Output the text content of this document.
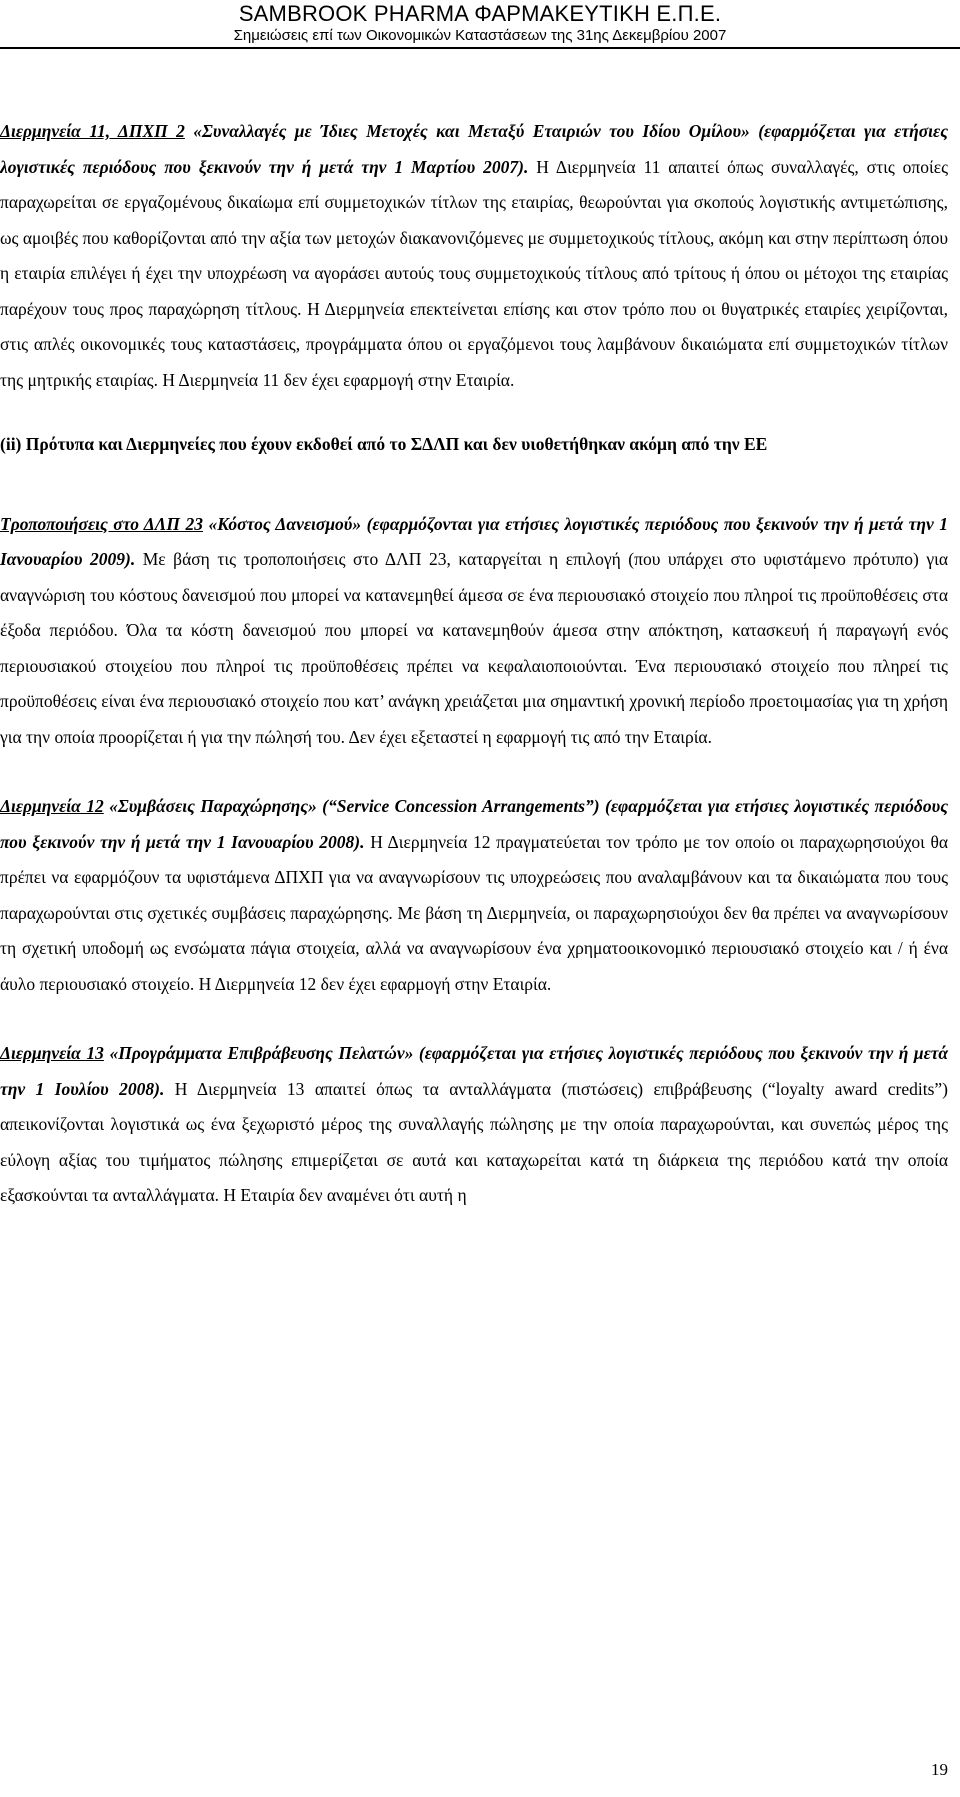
SAMBROOK PHARMA ΦΑΡΜΑΚΕΥΤΙΚΗ Ε.Π.Ε.
Σημειώσεις επί των Οικονομικών Καταστάσεων της 31ης Δεκεμβρίου 2007

Διερμηνεία 11, ΔΠΧΠ 2 «Συναλλαγές με Ίδιες Μετοχές και Μεταξύ Εταιριών του Ιδίου Ομίλου» (εφαρμόζεται για ετήσιες λογιστικές περιόδους που ξεκινούν την ή μετά την 1 Μαρτίου 2007). Η Διερμηνεία 11 απαιτεί όπως συναλλαγές, στις οποίες παραχωρείται σε εργαζομένους δικαίωμα επί συμμετοχικών τίτλων της εταιρίας, θεωρούνται για σκοπούς λογιστικής αντιμετώπισης, ως αμοιβές που καθορίζονται από την αξία των μετοχών διακανονιζόμενες με συμμετοχικούς τίτλους, ακόμη και στην περίπτωση όπου η εταιρία επιλέγει ή έχει την υποχρέωση να αγοράσει αυτούς τους συμμετοχικούς τίτλους από τρίτους ή όπου οι μέτοχοι της εταιρίας παρέχουν τους προς παραχώρηση τίτλους. Η Διερμηνεία επεκτείνεται επίσης και στον τρόπο που οι θυγατρικές εταιρίες χειρίζονται, στις απλές οικονομικές τους καταστάσεις, προγράμματα όπου οι εργαζόμενοι τους λαμβάνουν δικαιώματα επί συμμετοχικών τίτλων της μητρικής εταιρίας. Η Διερμηνεία 11 δεν έχει εφαρμογή στην Εταιρία.

(ii) Πρότυπα και Διερμηνείες που έχουν εκδοθεί από το ΣΔΛΠ και δεν υιοθετήθηκαν ακόμη από την ΕΕ

Τροποποιήσεις στο ΔΛΠ 23 «Κόστος Δανεισμού» (εφαρμόζονται για ετήσιες λογιστικές περιόδους που ξεκινούν την ή μετά την 1 Ιανουαρίου 2009). Με βάση τις τροποποιήσεις στο ΔΛΠ 23, καταργείται η επιλογή (που υπάρχει στο υφιστάμενο πρότυπο) για αναγνώριση του κόστους δανεισμού που μπορεί να κατανεμηθεί άμεσα σε ένα περιουσιακό στοιχείο που πληροί τις προϋποθέσεις στα έξοδα περιόδου. Όλα τα κόστη δανεισμού που μπορεί να κατανεμηθούν άμεσα στην απόκτηση, κατασκευή ή παραγωγή ενός περιουσιακού στοιχείου που πληροί τις προϋποθέσεις πρέπει να κεφαλαιοποιούνται. Ένα περιουσιακό στοιχείο που πληρεί τις προϋποθέσεις είναι ένα περιουσιακό στοιχείο που κατ’ ανάγκη χρειάζεται μια σημαντική χρονική περίοδο προετοιμασίας για τη χρήση για την οποία προορίζεται ή για την πώλησή του. Δεν έχει εξεταστεί η εφαρμογή τις από την Εταιρία.

Διερμηνεία 12 «Συμβάσεις Παραχώρησης» (“Service Concession Arrangements”) (εφαρμόζεται για ετήσιες λογιστικές περιόδους που ξεκινούν την ή μετά την 1 Ιανουαρίου 2008). Η Διερμηνεία 12 πραγματεύεται τον τρόπο με τον οποίο οι παραχωρησιούχοι θα πρέπει να εφαρμόζουν τα υφιστάμενα ΔΠΧΠ για να αναγνωρίσουν τις υποχρεώσεις που αναλαμβάνουν και τα δικαιώματα που τους παραχωρούνται στις σχετικές συμβάσεις παραχώρησης. Με βάση τη Διερμηνεία, οι παραχωρησιούχοι δεν θα πρέπει να αναγνωρίσουν τη σχετική υποδομή ως ενσώματα πάγια στοιχεία, αλλά να αναγνωρίσουν ένα χρηματοοικονομικό περιουσιακό στοιχείο και / ή ένα άυλο περιουσιακό στοιχείο. Η Διερμηνεία 12 δεν έχει εφαρμογή στην Εταιρία.

Διερμηνεία 13 «Προγράμματα Επιβράβευσης Πελατών» (εφαρμόζεται για ετήσιες λογιστικές περιόδους που ξεκινούν την ή μετά την 1 Ιουλίου 2008). Η Διερμηνεία 13 απαιτεί όπως τα ανταλλάγματα (πιστώσεις) επιβράβευσης (“loyalty award credits”) απεικονίζονται λογιστικά ως ένα ξεχωριστό μέρος της συναλλαγής πώλησης με την οποία παραχωρούνται, και συνεπώς μέρος της εύλογη αξίας του τιμήματος πώλησης επιμερίζεται σε αυτά και καταχωρείται κατά τη διάρκεια της περιόδου κατά την οποία εξασκούνται τα ανταλλάγματα. Η Εταιρία δεν αναμένει ότι αυτή η

19
